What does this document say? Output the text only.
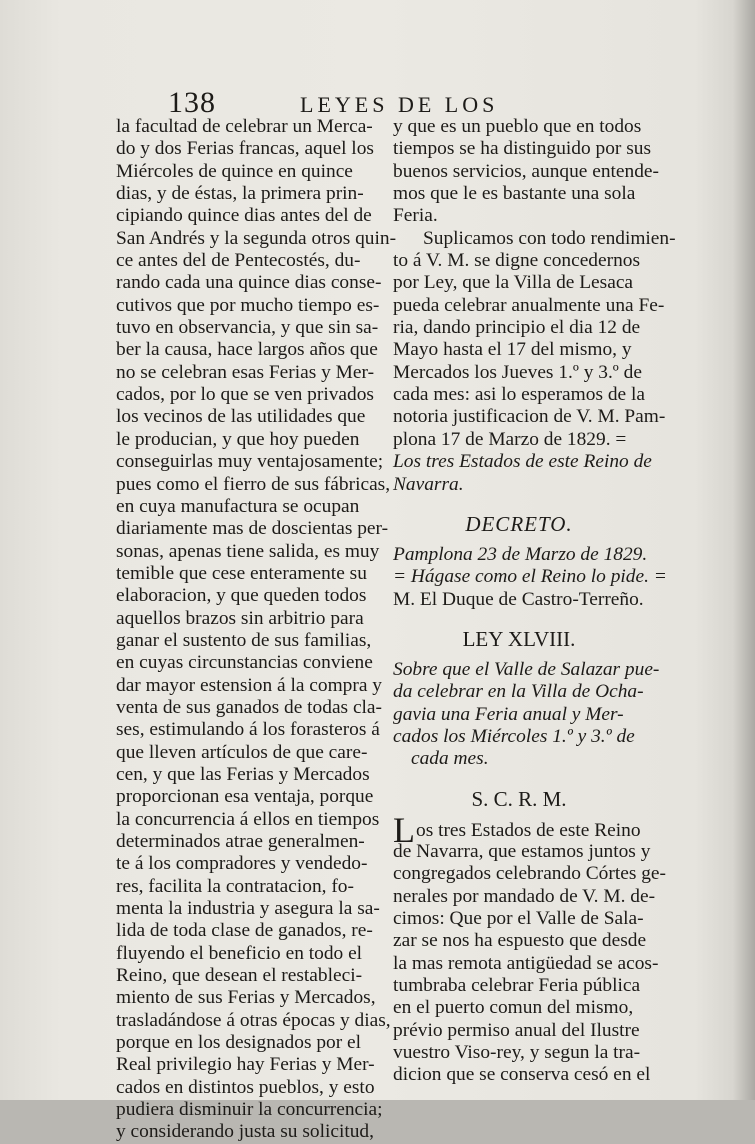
138	LEYES DE LOS
la facultad de celebrar un Merca-
do y dos Ferias francas, aquel los
Miércoles de quince en quince
dias, y de éstas, la primera prin-
cipiando quince dias antes del de
San Andrés y la segunda otros quin-
ce antes del de Pentecostés, du-
rando cada una quince dias conse-
cutivos que por mucho tiempo es-
tuvo en observancia, y que sin sa-
ber la causa, hace largos años que
no se celebran esas Ferias y Mer-
cados, por lo que se ven privados
los vecinos de las utilidades que
le producian, y que hoy pueden
conseguirlas muy ventajosamente;
pues como el fierro de sus fábricas,
en cuya manufactura se ocupan
diariamente mas de doscientas per-
sonas, apenas tiene salida, es muy
temible que cese enteramente su
elaboracion, y que queden todos
aquellos brazos sin arbitrio para
ganar el sustento de sus familias,
en cuyas circunstancias conviene
dar mayor estension á la compra y
venta de sus ganados de todas cla-
ses, estimulando á los forasteros á
que lleven artículos de que care-
cen, y que las Ferias y Mercados
proporcionan esa ventaja, porque
la concurrencia á ellos en tiempos
determinados atrae generalmen-
te á los compradores y vendedo-
res, facilita la contratacion, fo-
menta la industria y asegura la sa-
lida de toda clase de ganados, re-
fluyendo el beneficio en todo el
Reino, que desean el restableci-
miento de sus Ferias y Mercados,
trasladándose á otras épocas y dias,
porque en los designados por el
Real privilegio hay Ferias y Mer-
cados en distintos pueblos, y esto
pudiera disminuir la concurrencia;
y considerando justa su solicitud,
y que es un pueblo que en todos
tiempos se ha distinguido por sus
buenos servicios, aunque entende-
mos que le es bastante una sola
Feria.
Suplicamos con todo rendimien-
to á V. M. se digne concedernos
por Ley, que la Villa de Lesaca
pueda celebrar anualmente una Fe-
ria, dando principio el dia 12 de
Mayo hasta el 17 del mismo, y
Mercados los Jueves 1.º y 3.º de
cada mes: asi lo esperamos de la
notoria justificacion de V. M. Pam-
plona 17 de Marzo de 1829. =
Los tres Estados de este Reino de
Navarra.
DECRETO.
Pamplona 23 de Marzo de 1829.
= Hágase como el Reino lo pide. =
M. El Duque de Castro-Terreño.
LEY XLVIII.
Sobre que el Valle de Salazar pue-
da celebrar en la Villa de Ocha-
gavia una Feria anual y Mer-
cados los Miércoles 1.º y 3.º de
cada mes.
S. C. R. M.
Los tres Estados de este Reino
de Navarra, que estamos juntos y
congregados celebrando Córtes ge-
nerales por mandado de V. M. de-
cimos: Que por el Valle de Sala-
zar se nos ha espuesto que desde
la mas remota antigüedad se acos-
tumbraba celebrar Feria pública
en el puerto comun del mismo,
prévio permiso anual del Ilustre
vuestro Viso-rey, y segun la tra-
dicion que se conserva cesó en el
